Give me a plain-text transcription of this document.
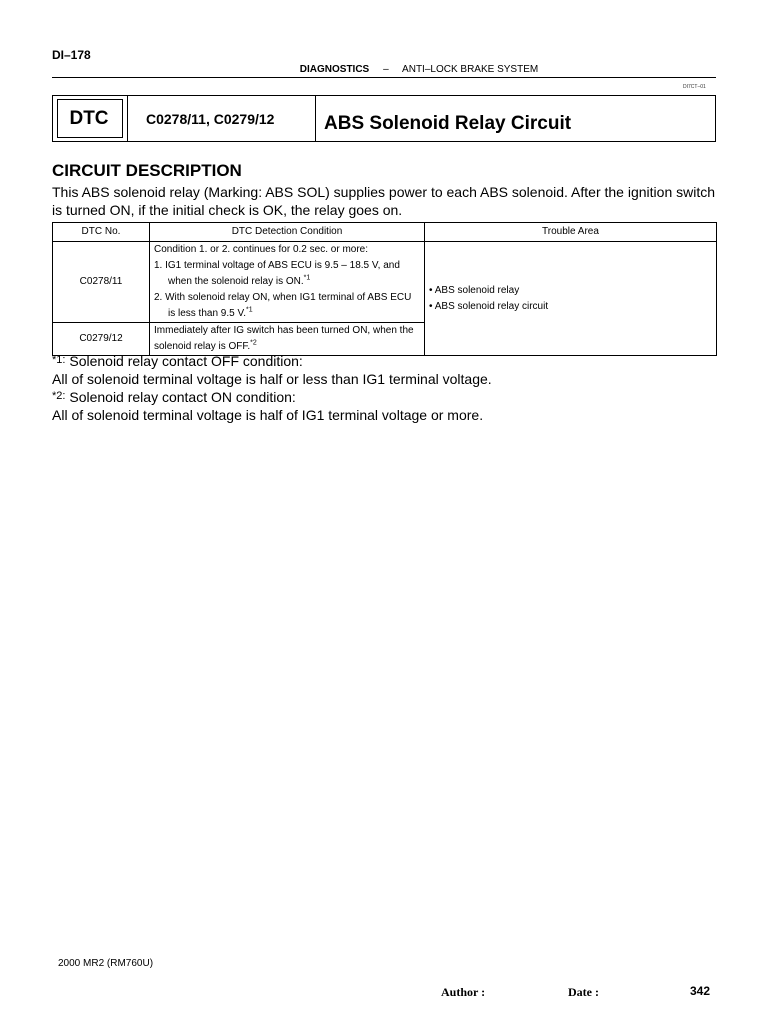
DI–178
DIAGNOSTICS – ANTI–LOCK BRAKE SYSTEM
DI7CT–01
DTC	C0278/11, C0279/12	ABS Solenoid Relay Circuit
CIRCUIT DESCRIPTION
This ABS solenoid relay (Marking: ABS SOL) supplies power to each ABS solenoid. After the ignition switch is turned ON, if the initial check is OK, the relay goes on.
DTC No.	DTC Detection Condition	Trouble Area
C0278/11	Condition 1. or 2. continues for 0.2 sec. or more:
1. IG1 terminal voltage of ABS ECU is 9.5 – 18.5 V, and when the solenoid relay is ON.$^{*1}$
2. With solenoid relay ON, when IG1 terminal of ABS ECU is less than 9.5 V.$^{*1}$	• ABS solenoid relay
• ABS solenoid relay circuit

C0279/12	Immediately after IG switch has been turned ON, when the solenoid relay is OFF.$^{*2}$
$^{*1:}$ Solenoid relay contact OFF condition:
All of solenoid terminal voltage is half or less than IG1 terminal voltage.
$^{*2:}$ Solenoid relay contact ON condition:
All of solenoid terminal voltage is half of IG1 terminal voltage or more.
2000 MR2 (RM760U)
Author :	Date :	342
